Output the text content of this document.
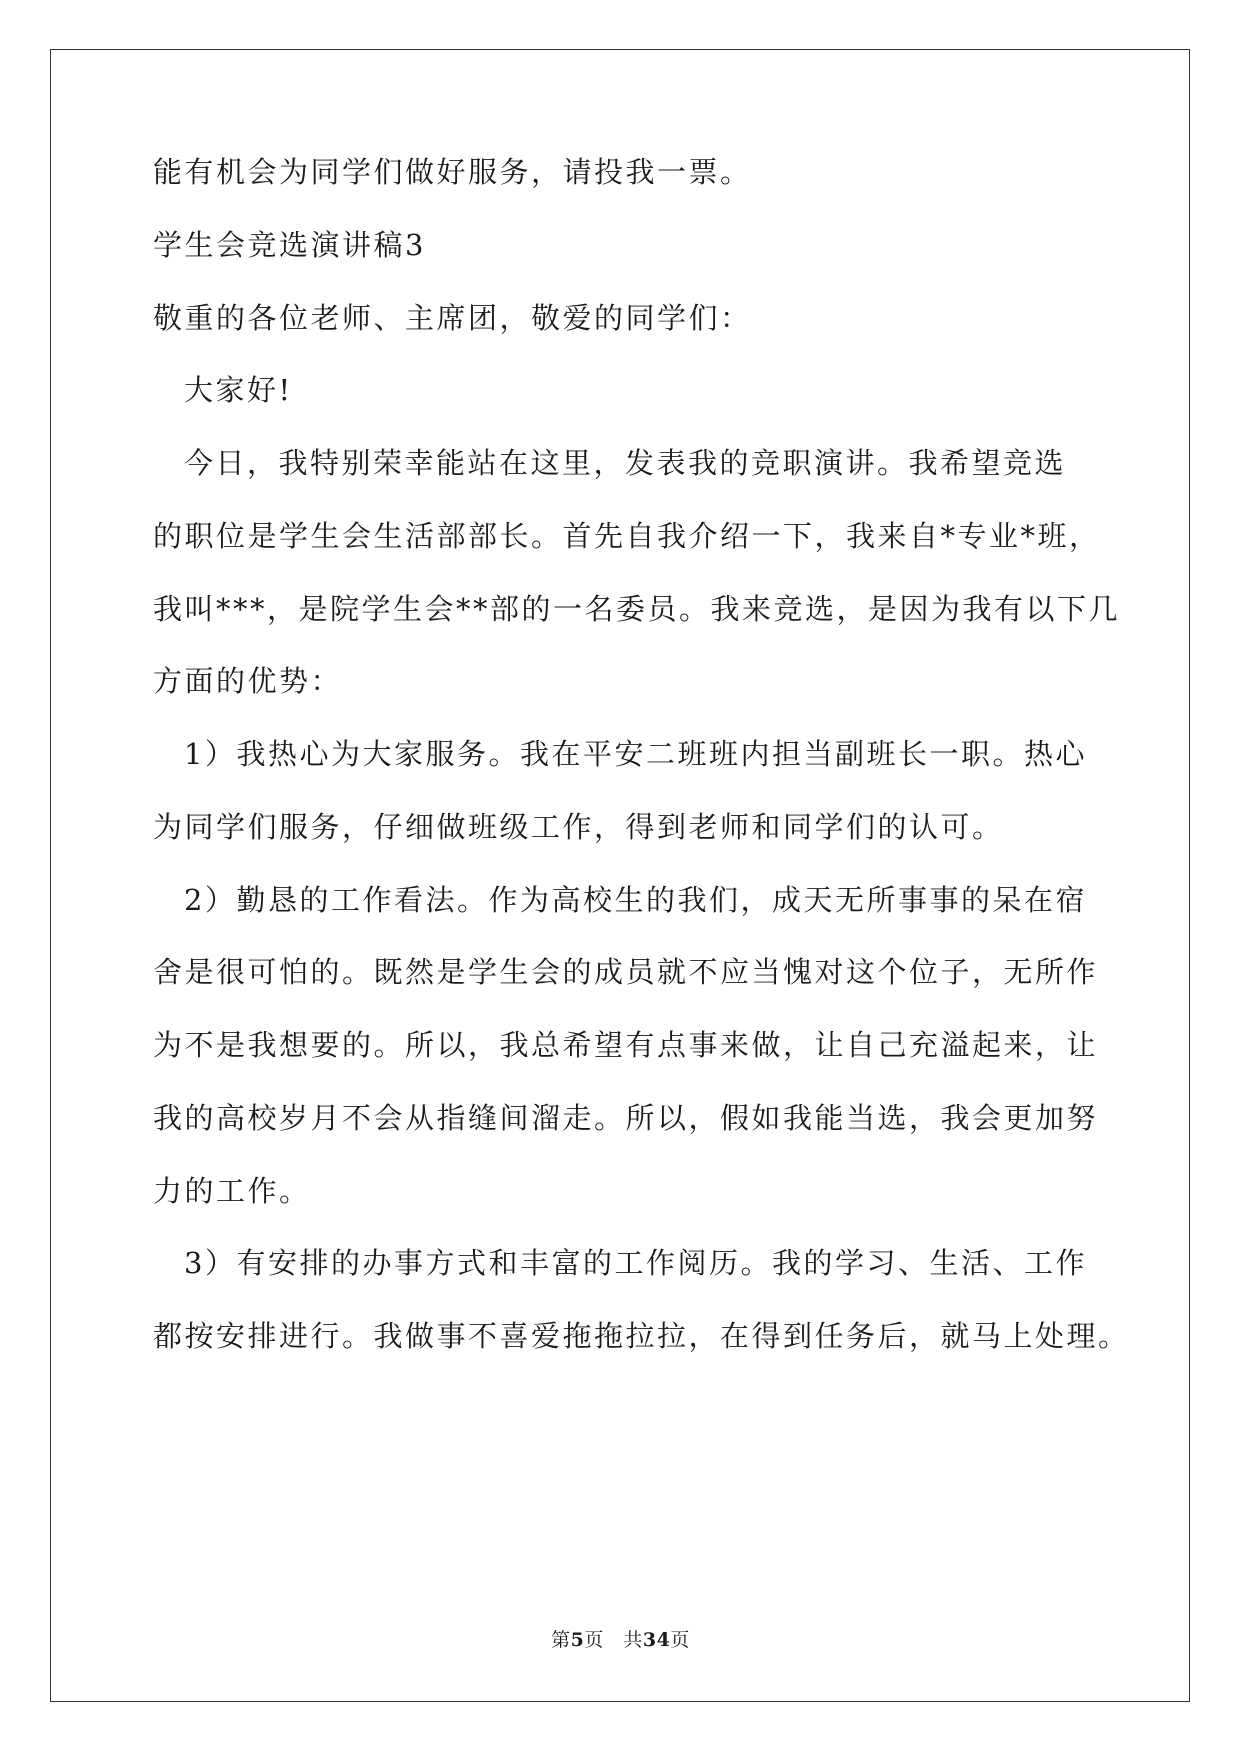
能有机会为同学们做好服务，请投我一票。
学生会竞选演讲稿3
敬重的各位老师、主席团，敬爱的同学们：
大家好!
今日，我特别荣幸能站在这里，发表我的竞职演讲。我希望竞选
的职位是学生会生活部部长。首先自我介绍一下，我来自*专业*班，
我叫***，是院学生会**部的一名委员。我来竞选，是因为我有以下几
方面的优势：
1）我热心为大家服务。我在平安二班班内担当副班长一职。热心
为同学们服务，仔细做班级工作，得到老师和同学们的认可。
2）勤恳的工作看法。作为高校生的我们，成天无所事事的呆在宿
舍是很可怕的。既然是学生会的成员就不应当愧对这个位子，无所作
为不是我想要的。所以，我总希望有点事来做，让自己充溢起来，让
我的高校岁月不会从指缝间溜走。所以，假如我能当选，我会更加努
力的工作。
3）有安排的办事方式和丰富的工作阅历。我的学习、生活、工作
都按安排进行。我做事不喜爱拖拖拉拉，在得到任务后，就马上处理。
第5页　共34页
